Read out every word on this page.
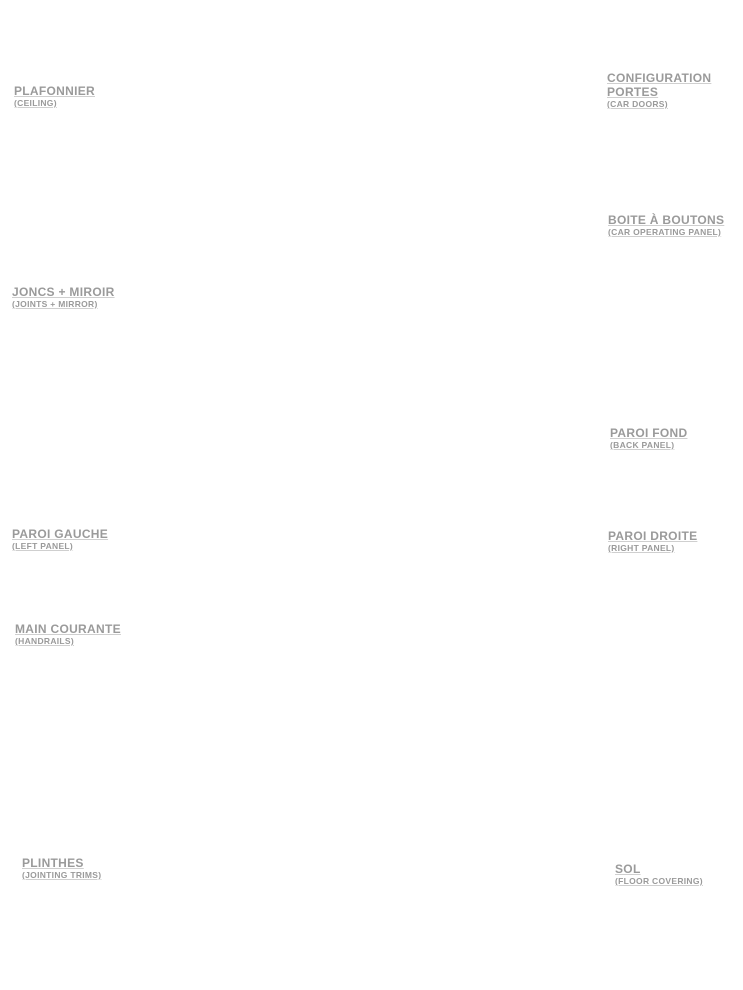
PLAFONNIER
(CEILING)
CONFIGURATION
PORTES
(CAR DOORS)
BOITE À BOUTONS
(CAR OPERATING PANEL)
JONCS + MIROIR
(JOINTS + MIRROR)
PAROI FOND
(BACK PANEL)
PAROI GAUCHE
(LEFT PANEL)
PAROI DROITE
(RIGHT PANEL)
MAIN COURANTE
(HANDRAILS)
PLINTHES
(JOINTING TRIMS)	SOL
(FLOOR COVERING)
